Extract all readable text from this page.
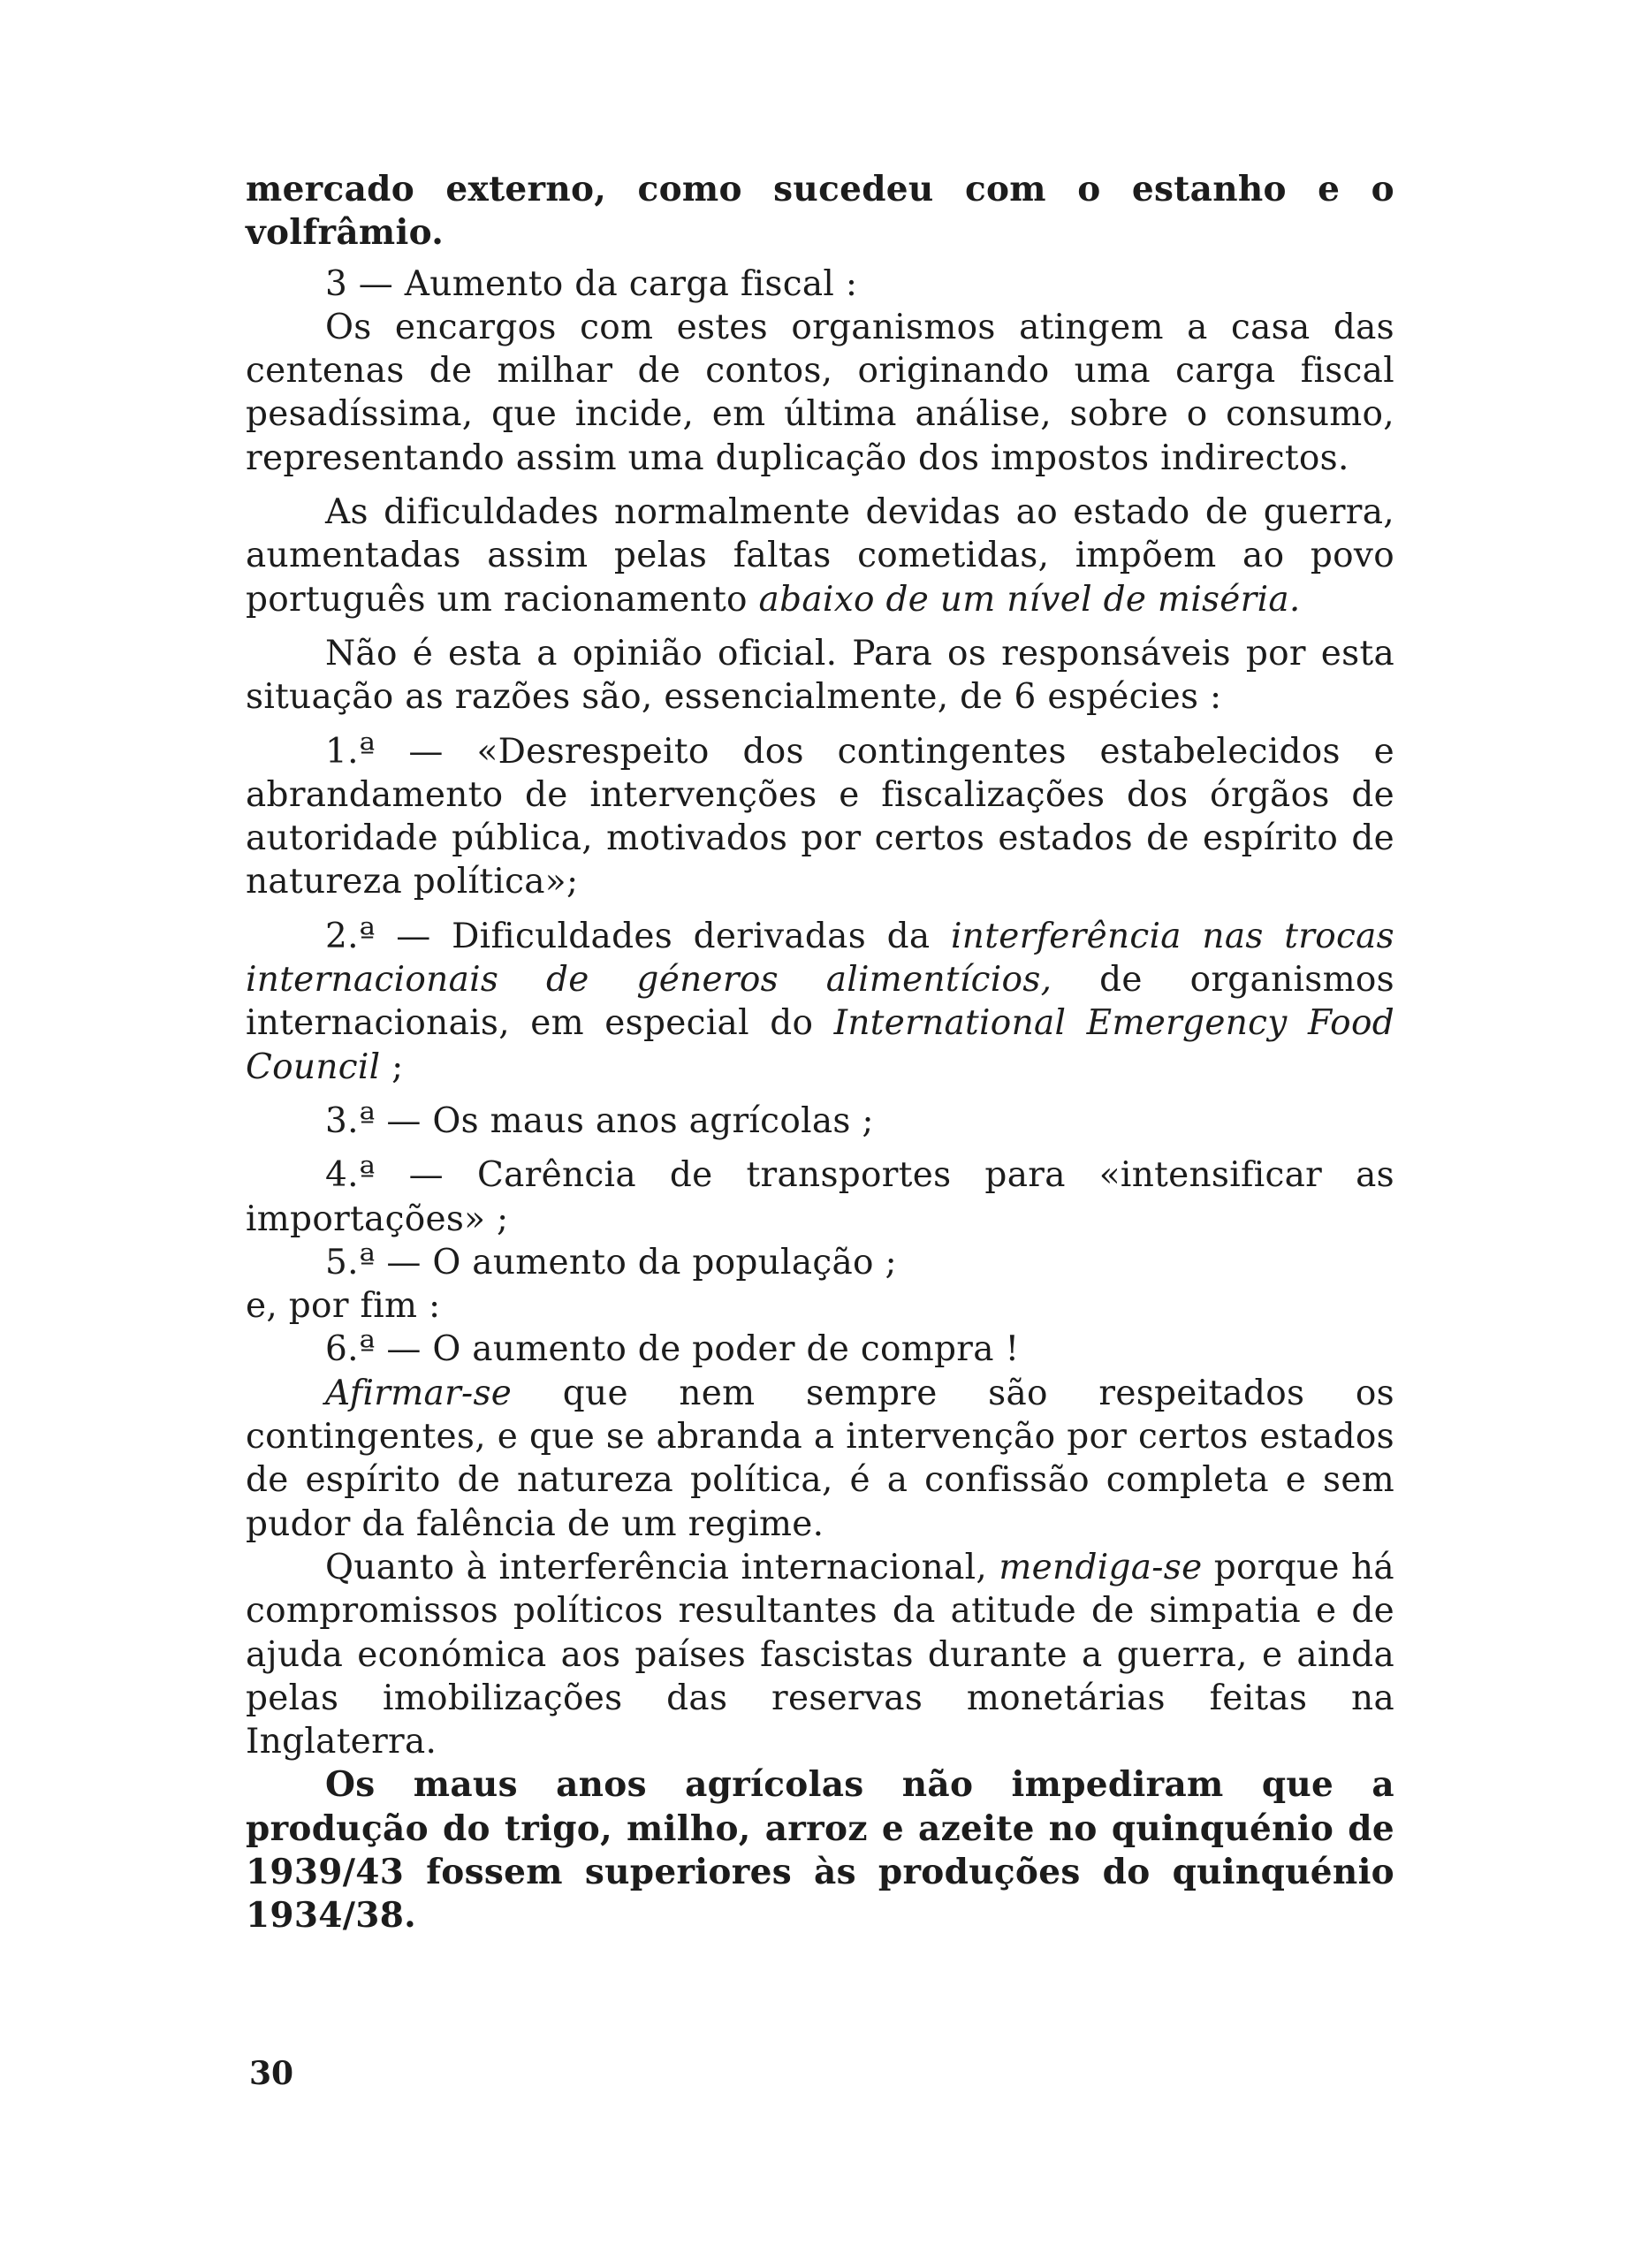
mercado externo, como sucedeu com o estanho e o volfrâmio.

3 — Aumento da carga fiscal :

Os encargos com estes organismos atingem a casa das centenas de milhar de contos, originando uma carga fiscal pesadíssima, que incide, em última análise, sobre o consumo, representando assim uma duplicação dos impostos indirectos.

As dificuldades normalmente devidas ao estado de guerra, aumentadas assim pelas faltas cometidas, impõem ao povo português um racionamento abaixo de um nível de miséria.

Não é esta a opinião oficial. Para os responsáveis por esta situação as razões são, essencialmente, de 6 espécies :

1.ª — «Desrespeito dos contingentes estabelecidos e abrandamento de intervenções e fiscalizações dos órgãos de autoridade pública, motivados por certos estados de espírito de natureza política»;

2.ª — Dificuldades derivadas da interferência nas trocas internacionais de géneros alimentícios, de organismos internacionais, em especial do International Emergency Food Council ;

3.ª — Os maus anos agrícolas ;

4.ª — Carência de transportes para «intensificar as importações» ;

5.ª — O aumento da população ;

e, por fim :

6.ª — O aumento de poder de compra !

Afirmar-se que nem sempre são respeitados os contingentes, e que se abranda a intervenção por certos estados de espírito de natureza política, é a confissão completa e sem pudor da falência de um regime.

Quanto à interferência internacional, mendiga-se porque há compromissos políticos resultantes da atitude de simpatia e de ajuda económica aos países fascistas durante a guerra, e ainda pelas imobilizações das reservas monetárias feitas na Inglaterra.

Os maus anos agrícolas não impediram que a produção do trigo, milho, arroz e azeite no quinquénio de 1939/43 fossem superiores às produções do quinquénio 1934/38.

30
